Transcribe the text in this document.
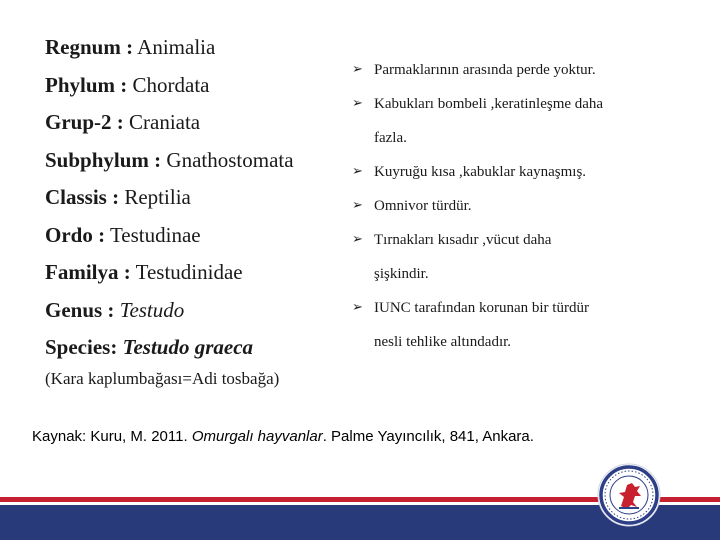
Regnum : Animalia
Phylum : Chordata
Grup-2 : Craniata
Subphylum : Gnathostomata
Classis : Reptilia
Ordo : Testudinae
Familya : Testudinidae
Genus : Testudo
Species: Testudo graeca
(Kara kaplumbağası=Adi tosbağa)
➢ Parmaklarının arasında perde yoktur.
➢ Kabukları bombeli ,keratinleşme daha
fazla.
➢ Kuyruğu kısa ,kabuklar kaynaşmış.
➢ Omnivor türdür.
➢ Tırnakları kısadır ,vücut daha
şişkindir.
➢ IUNC tarafından korunan bir türdür
nesli tehlike altındadır.
Kaynak: Kuru, M. 2011. Omurgalı hayvanlar. Palme Yayıncılık, 841, Ankara.
